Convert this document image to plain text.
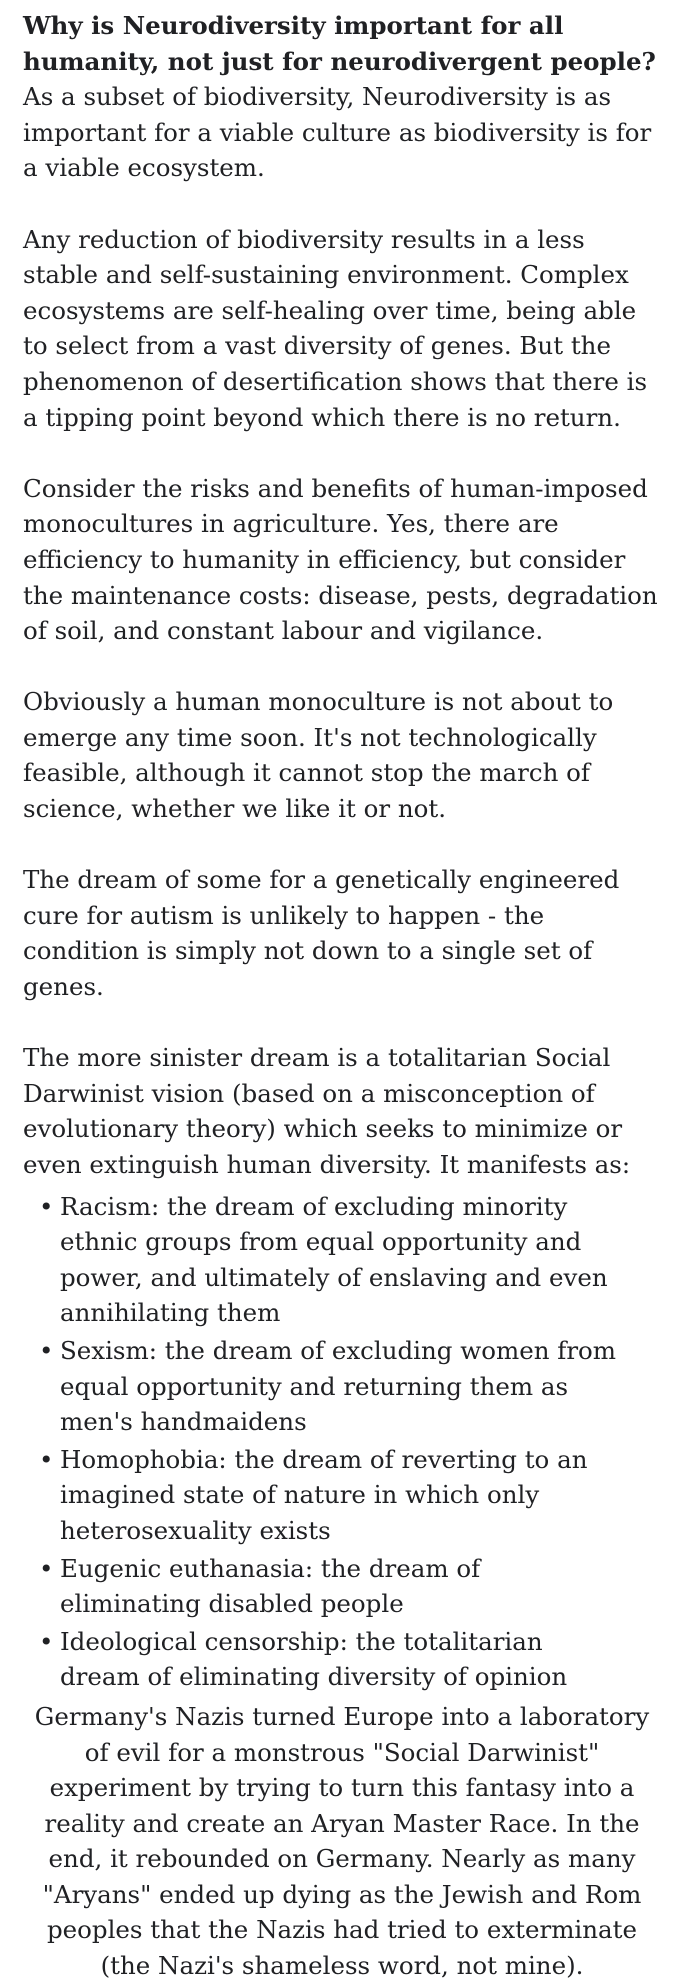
Why is Neurodiversity important for all humanity, not just for neurodivergent people?

As a subset of biodiversity, Neurodiversity is as important for a viable culture as biodiversity is for a viable ecosystem.

Any reduction of biodiversity results in a less stable and self-sustaining environment. Complex ecosystems are self-healing over time, being able to select from a vast diversity of genes. But the phenomenon of desertification shows that there is a tipping point beyond which there is no return.

Consider the risks and benefits of human-imposed monocultures in agriculture. Yes, there are efficiency to humanity in efficiency, but consider the maintenance costs: disease, pests, degradation of soil, and constant labour and vigilance.

Obviously a human monoculture is not about to emerge any time soon. It's not technologically feasible, although it cannot stop the march of science, whether we like it or not.

The dream of some for a genetically engineered cure for autism is unlikely to happen - the condition is simply not down to a single set of genes.

The more sinister dream is a totalitarian Social Darwinist vision (based on a misconception of evolutionary theory) which seeks to minimize or even extinguish human diversity. It manifests as:

• Racism: the dream of excluding minority ethnic groups from equal opportunity and power, and ultimately of enslaving and even annihilating them
• Sexism: the dream of excluding women from equal opportunity and returning them as men's handmaidens
• Homophobia: the dream of reverting to an imagined state of nature in which only heterosexuality exists
• Eugenic euthanasia: the dream of eliminating disabled people
• Ideological censorship: the totalitarian dream of eliminating diversity of opinion

Germany's Nazis turned Europe into a laboratory of evil for a monstrous "Social Darwinist" experiment by trying to turn this fantasy into a reality and create an Aryan Master Race. In the end, it rebounded on Germany. Nearly as many "Aryans" ended up dying as the Jewish and Rom peoples that the Nazis had tried to exterminate (the Nazi's shameless word, not mine).
